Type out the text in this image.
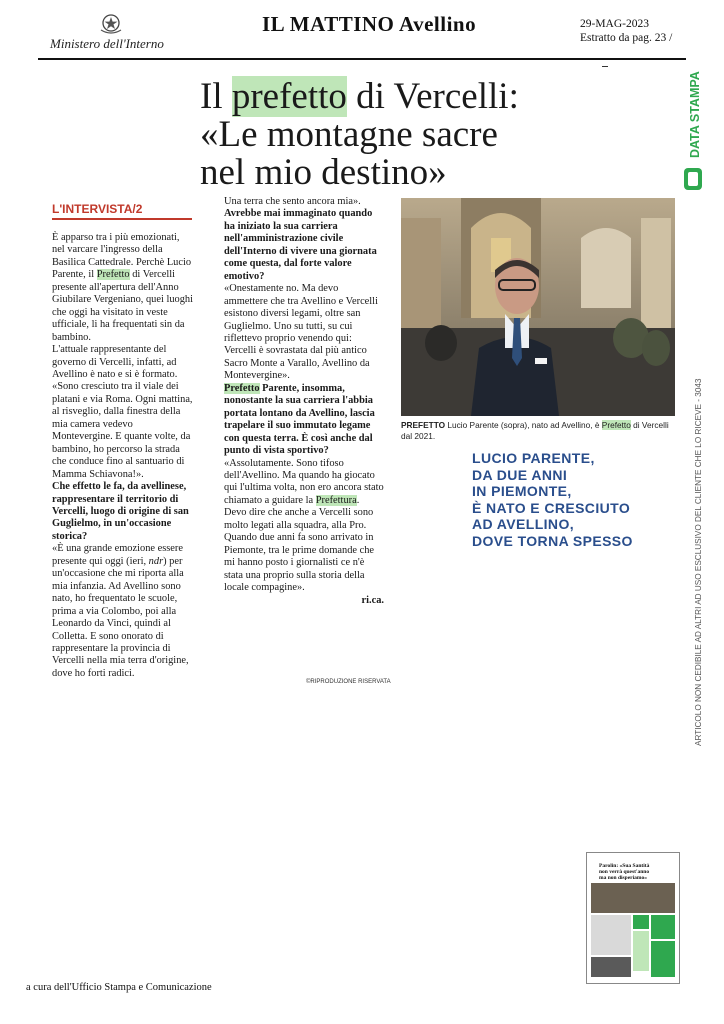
Ministero dell'Interno
IL MATTINO Avellino	29-MAG-2023
Estratto da pag. 23 /
Il prefetto di Vercelli:
«Le montagne sacre
nel mio destino»
L'INTERVISTA/2

È apparso tra i più emozionati, nel varcare l'ingresso della Basilica Cattedrale. Perchè Lucio Parente, il Prefetto di Vercelli presente all'apertura dell'Anno Giubilare Vergeniano, quei luoghi che oggi ha visitato in veste ufficiale, li ha frequentati sin da bambino.

L'attuale rappresentante del governo di Vercelli, infatti, ad Avellino è nato e si è formato.

«Sono cresciuto tra il viale dei platani e via Roma. Ogni mattina, al risveglio, dalla finestra della mia camera vedevo Montevergine. E quante volte, da bambino, ho percorso la strada che conduce fino al santuario di Mamma Schiavona!».

Che effetto le fa, da avellinese, rappresentare il territorio di Vercelli, luogo di origine di san Guglielmo, in un'occasione storica?

«È una grande emozione essere presente qui oggi (ieri, ndr) per un'occasione che mi riporta alla mia infanzia. Ad Avellino sono nato, ho frequentato le scuole, prima a via Colombo, poi alla Leonardo da Vinci, quindi al Colletta. E sono onorato di rappresentare la provincia di Vercelli nella mia terra d'origine, dove ho forti radici.

Una terra che sento ancora mia».

Avrebbe mai immaginato quando ha iniziato la sua carriera nell'amministrazione civile dell'Interno di vivere una giornata come questa, dal forte valore emotivo?

«Onestamente no. Ma devo ammettere che tra Avellino e Vercelli esistono diversi legami, oltre san Guglielmo. Uno su tutti, su cui riflettevo proprio venendo qui: Vercelli è sovrastata dal più antico Sacro Monte a Varallo, Avellino da Montevergine».

Prefetto Parente, insomma, nonostante la sua carriera l'abbia portata lontano da Avellino, lascia trapelare il suo immutato legame con questa terra. È così anche dal punto di vista sportivo?

«Assolutamente. Sono tifoso dell'Avellino. Ma quando ha giocato qui l'ultima volta, non ero ancora stato chiamato a guidare la Prefettura. Devo dire che anche a Vercelli sono molto legati alla squadra, alla Pro. Quando due anni fa sono arrivato in Piemonte, tra le prime domande che mi hanno posto i giornalisti ce n'è stata una proprio sulla storia della locale compagine».

ri.ca.

©RIPRODUZIONE RISERVATA
PREFETTO Lucio Parente (sopra), nato ad Avellino, è Prefetto di Vercelli dal 2021.
LUCIO PARENTE,
DA DUE ANNI
IN PIEMONTE,
È NATO E CRESCIUTO
AD AVELLINO,
DOVE TORNA SPESSO
DATA STAMPA
ARTICOLO NON CEDIBILE AD ALTRI AD USO ESCLUSIVO DEL CLIENTE CHE LO RICEVE - 3043
Parolin: «Sua Santità
non verrà quest'anno
ma non disperiamo»
a cura dell'Ufficio Stampa e Comunicazione
